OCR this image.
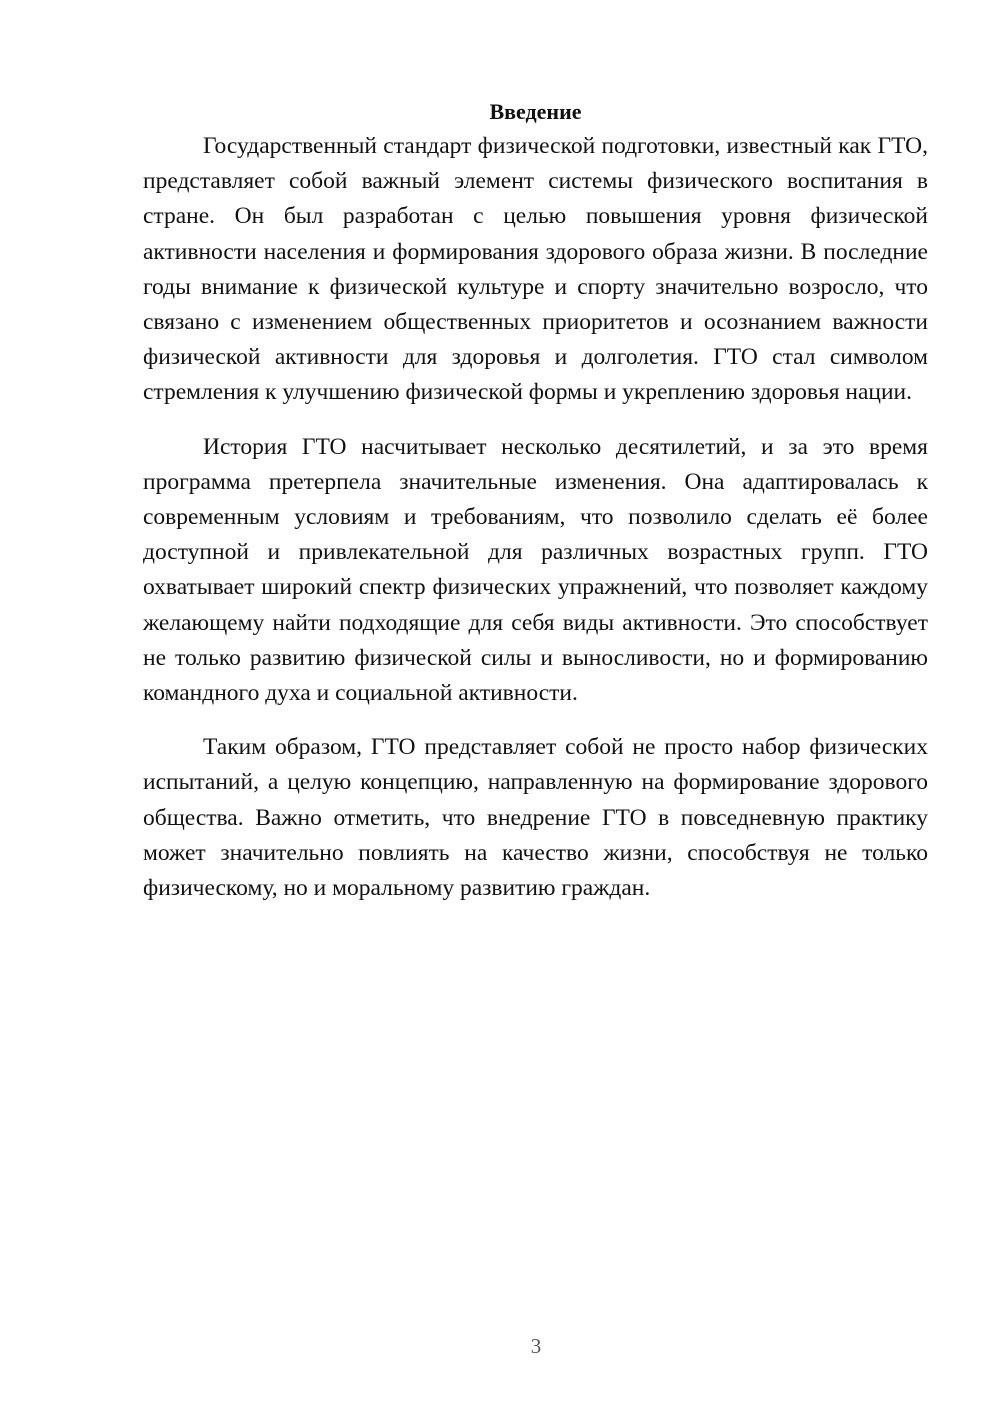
Введение

Государственный стандарт физической подготовки, известный как ГТО, представляет собой важный элемент системы физического воспитания в стране. Он был разработан с целью повышения уровня физической активности населения и формирования здорового образа жизни. В последние годы внимание к физической культуре и спорту значительно возросло, что связано с изменением общественных приоритетов и осознанием важности физической активности для здоровья и долголетия. ГТО стал символом стремления к улучшению физической формы и укреплению здоровья нации.

История ГТО насчитывает несколько десятилетий, и за это время программа претерпела значительные изменения. Она адаптировалась к современным условиям и требованиям, что позволило сделать её более доступной и привлекательной для различных возрастных групп. ГТО охватывает широкий спектр физических упражнений, что позволяет каждому желающему найти подходящие для себя виды активности. Это способствует не только развитию физической силы и выносливости, но и формированию командного духа и социальной активности.

Таким образом, ГТО представляет собой не просто набор физических испытаний, а целую концепцию, направленную на формирование здорового общества. Важно отметить, что внедрение ГТО в повседневную практику может значительно повлиять на качество жизни, способствуя не только физическому, но и моральному развитию граждан.

3
